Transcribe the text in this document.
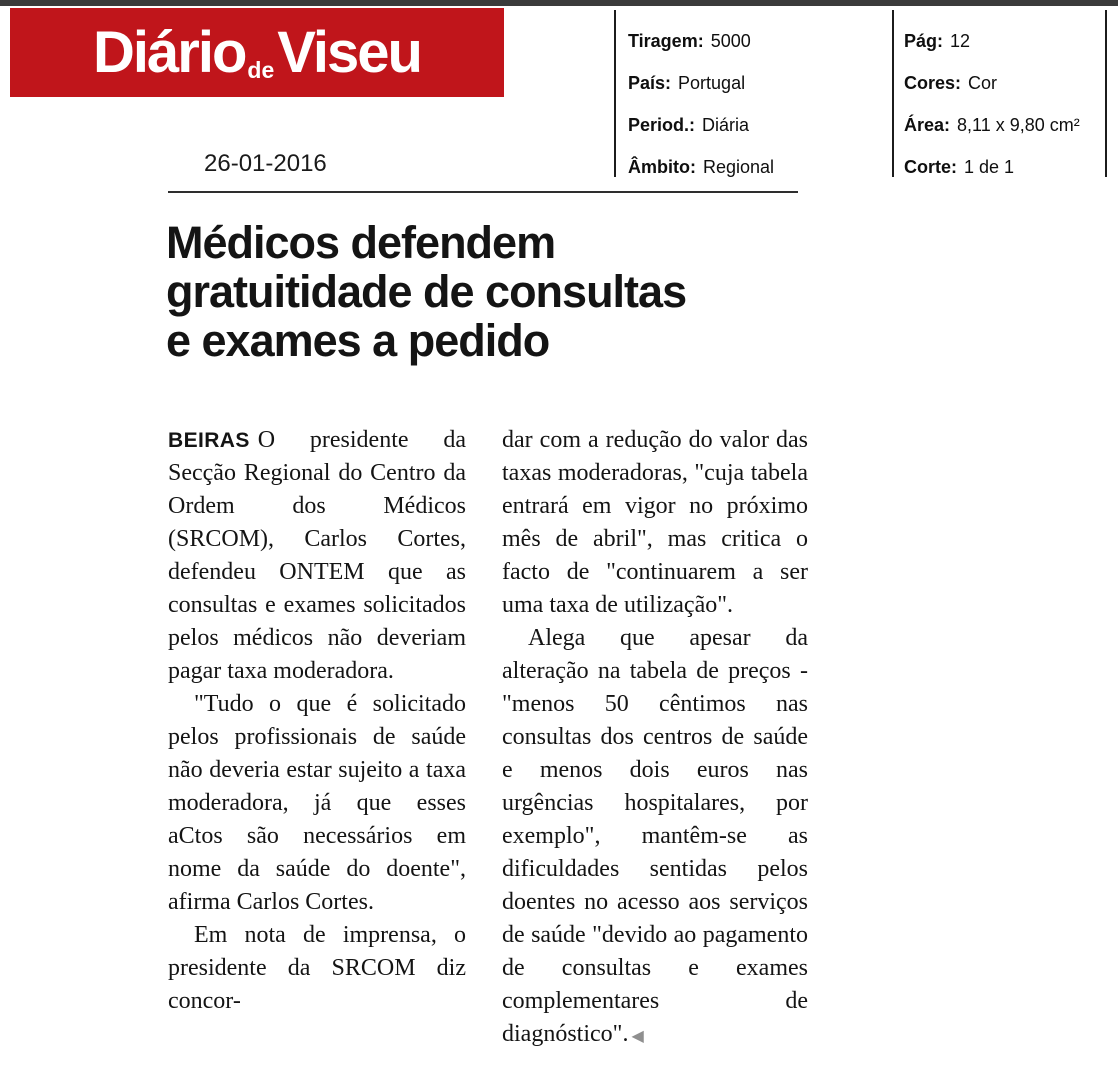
Diário de Viseu
26-01-2016
Tiragem: 5000
País: Portugal
Period.: Diária
Âmbito: Regional
Pág: 12
Cores: Cor
Área: 8,11 x 9,80 cm²
Corte: 1 de 1
Médicos defendem
gratuitidade de consultas
e exames a pedido

BEIRAS O presidente da Secção Regional do Centro da Ordem dos Médicos (SRCOM), Carlos Cortes, defendeu ONTEM que as consultas e exames solicitados pelos médicos não deveriam pagar taxa moderadora.

"Tudo o que é solicitado pelos profissionais de saúde não deveria estar sujeito a taxa moderadora, já que esses aCtos são necessários em nome da saúde do doente", afirma Carlos Cortes.

Em nota de imprensa, o presidente da SRCOM diz concor-

dar com a redução do valor das taxas moderadoras, "cuja tabela entrará em vigor no próximo mês de abril", mas critica o facto de "continuarem a ser uma taxa de utilização".

Alega que apesar da alteração na tabela de preços - "menos 50 cêntimos nas consultas dos centros de saúde e menos dois euros nas urgências hospitalares, por exemplo", mantêm-se as dificuldades sentidas pelos doentes no acesso aos serviços de saúde "devido ao pagamento de consultas e exames complementares de diagnóstico". ◀
